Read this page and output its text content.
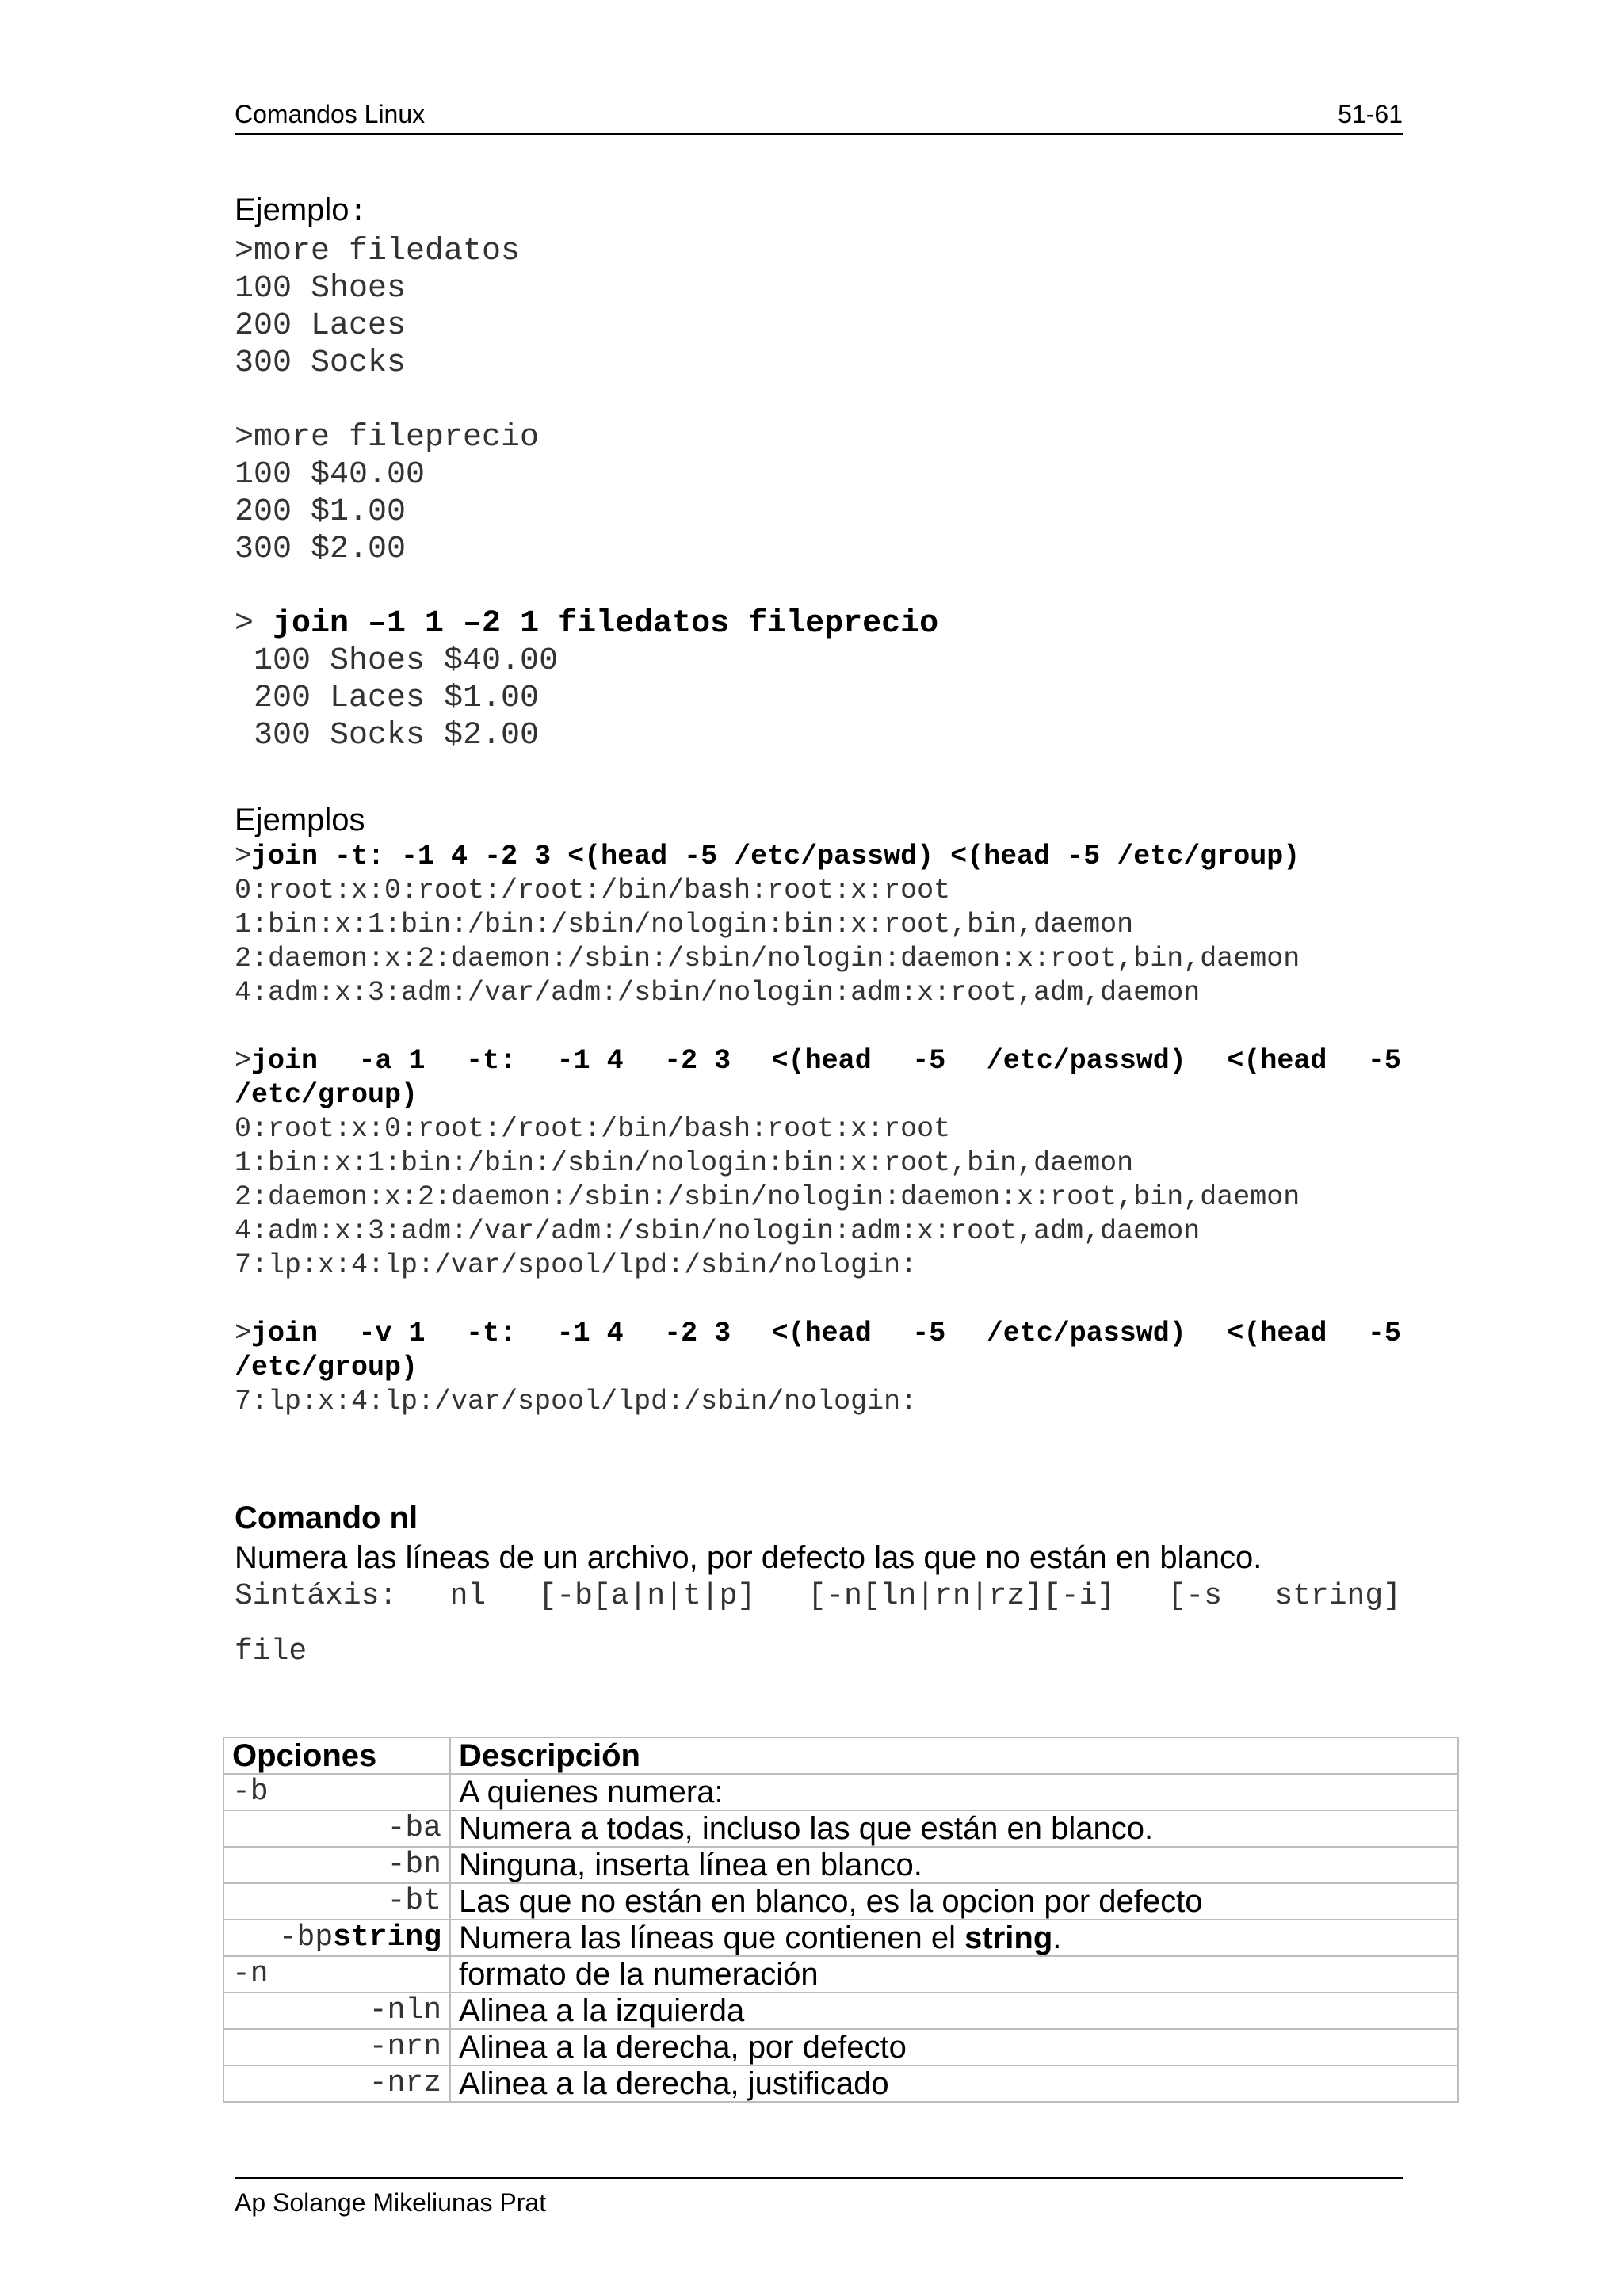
Comandos Linux	51-61
Ejemplo:
>more filedatos
100 Shoes
200 Laces
300 Socks
>more fileprecio
100 $40.00
200 $1.00
300 $2.00
> join –1 1 –2 1 filedatos fileprecio
100 Shoes $40.00
200 Laces $1.00
300 Socks $2.00
Ejemplos
>join -t: -1 4 -2 3 <(head -5 /etc/passwd) <(head -5 /etc/group)
0:root:x:0:root:/root:/bin/bash:root:x:root
1:bin:x:1:bin:/bin:/sbin/nologin:bin:x:root,bin,daemon
2:daemon:x:2:daemon:/sbin:/sbin/nologin:daemon:x:root,bin,daemon
4:adm:x:3:adm:/var/adm:/sbin/nologin:adm:x:root,adm,daemon
>join -a 1 -t: -1 4 -2 3 <(head -5 /etc/passwd) <(head -5
/etc/group)
0:root:x:0:root:/root:/bin/bash:root:x:root
1:bin:x:1:bin:/bin:/sbin/nologin:bin:x:root,bin,daemon
2:daemon:x:2:daemon:/sbin:/sbin/nologin:daemon:x:root,bin,daemon
4:adm:x:3:adm:/var/adm:/sbin/nologin:adm:x:root,adm,daemon
7:lp:x:4:lp:/var/spool/lpd:/sbin/nologin:
>join -v 1 -t: -1 4 -2 3 <(head -5 /etc/passwd) <(head -5
/etc/group)
7:lp:x:4:lp:/var/spool/lpd:/sbin/nologin:
Comando nl
Numera las líneas de un archivo, por defecto las que no están en blanco.
Sintáxis: nl [-b[a|n|t|p] [-n[ln|rn|rz][-i] [-s string]
file
Opciones	Descripción
-b	A quienes numera:
-ba	Numera a todas, incluso las que están en blanco.
-bn	Ninguna, inserta línea en blanco.
-bt	Las que no están en blanco, es la opcion por defecto
-bpstring	Numera las líneas que contienen el string.
-n	formato de la numeración
-nln	Alinea a la izquierda
-nrn	Alinea a la derecha, por defecto
-nrz	Alinea a la derecha, justificado
Ap Solange Mikeliunas Prat
